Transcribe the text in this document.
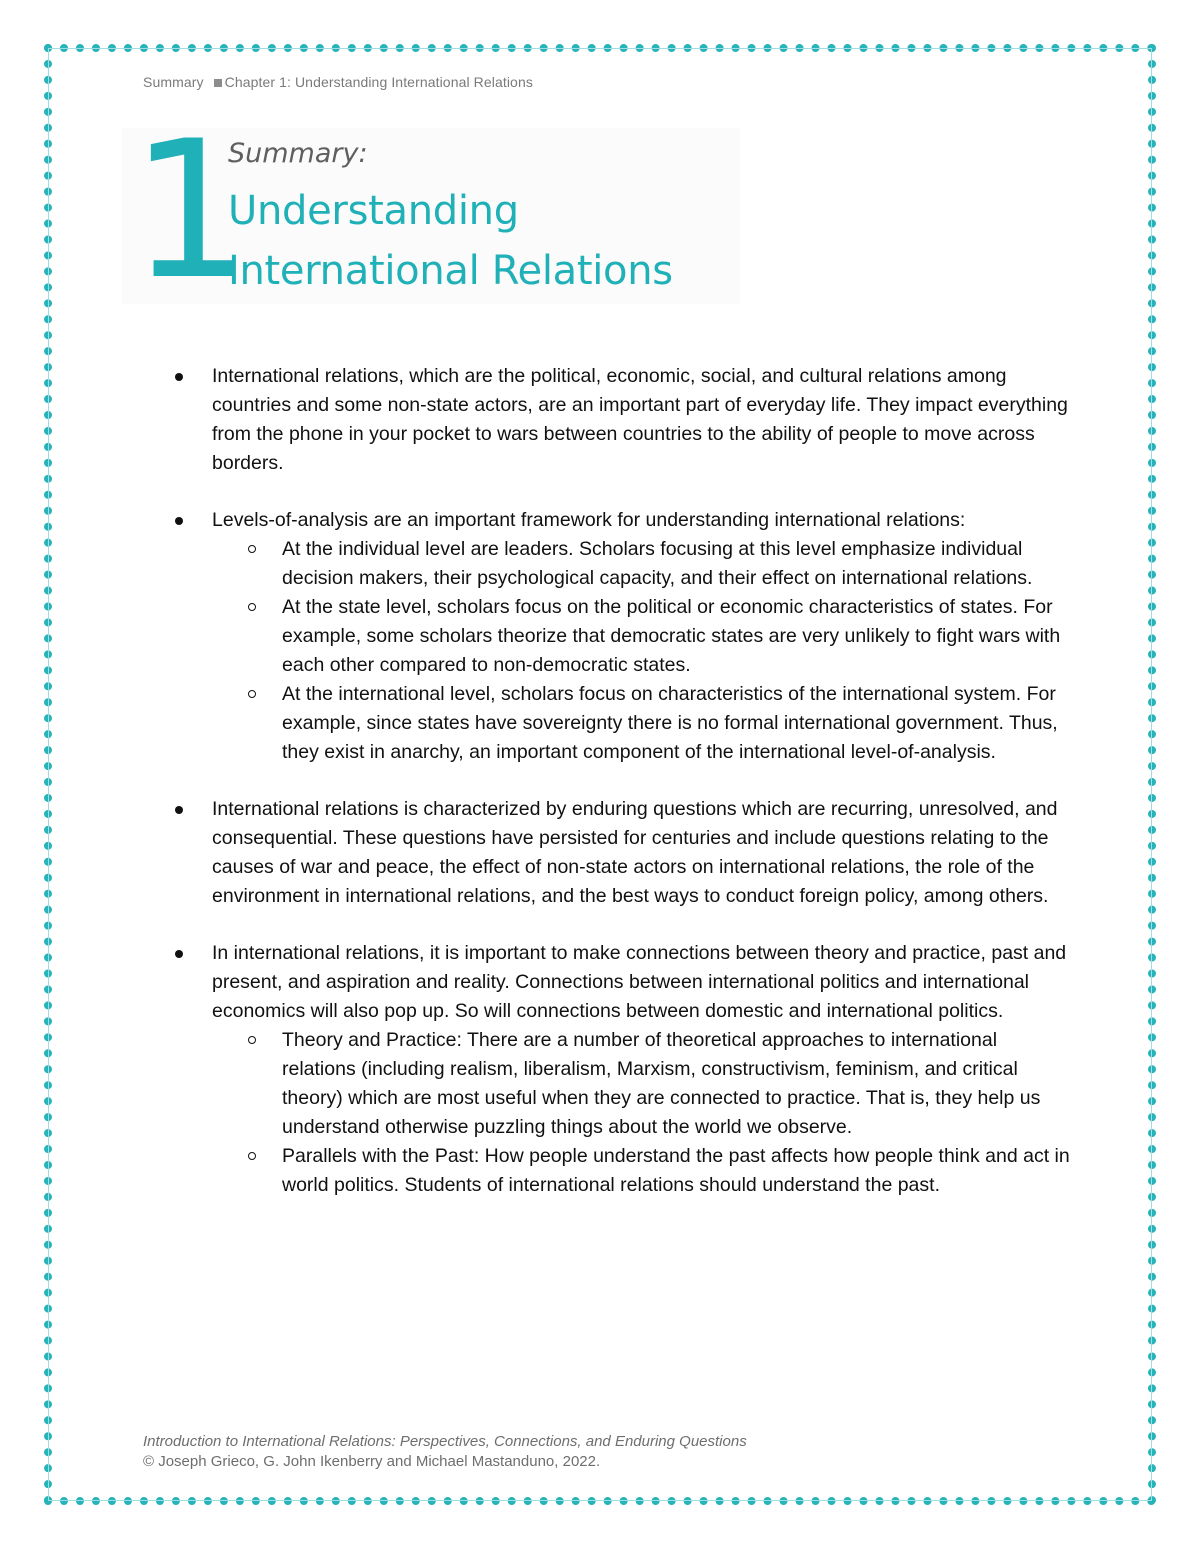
Summary Chapter 1: Understanding International Relations
1
Summary:
Understanding
International Relations
International relations, which are the political, economic, social, and cultural relations among countries and some non-state actors, are an important part of everyday life. They impact everything from the phone in your pocket to wars between countries to the ability of people to move across borders.
Levels-of-analysis are an important framework for understanding international relations:
At the individual level are leaders. Scholars focusing at this level emphasize individual decision makers, their psychological capacity, and their effect on international relations.
At the state level, scholars focus on the political or economic characteristics of states. For example, some scholars theorize that democratic states are very unlikely to fight wars with each other compared to non-democratic states.
At the international level, scholars focus on characteristics of the international system. For example, since states have sovereignty there is no formal international government. Thus, they exist in anarchy, an important component of the international level-of-analysis.
International relations is characterized by enduring questions which are recurring, unresolved, and consequential. These questions have persisted for centuries and include questions relating to the causes of war and peace, the effect of non-state actors on international relations, the role of the environment in international relations, and the best ways to conduct foreign policy, among others.
In international relations, it is important to make connections between theory and practice, past and present, and aspiration and reality. Connections between international politics and international economics will also pop up. So will connections between domestic and international politics.
Theory and Practice: There are a number of theoretical approaches to international relations (including realism, liberalism, Marxism, constructivism, feminism, and critical theory) which are most useful when they are connected to practice. That is, they help us understand otherwise puzzling things about the world we observe.
Parallels with the Past: How people understand the past affects how people think and act in world politics. Students of international relations should understand the past.
Introduction to International Relations: Perspectives, Connections, and Enduring Questions
© Joseph Grieco, G. John Ikenberry and Michael Mastanduno, 2022.
